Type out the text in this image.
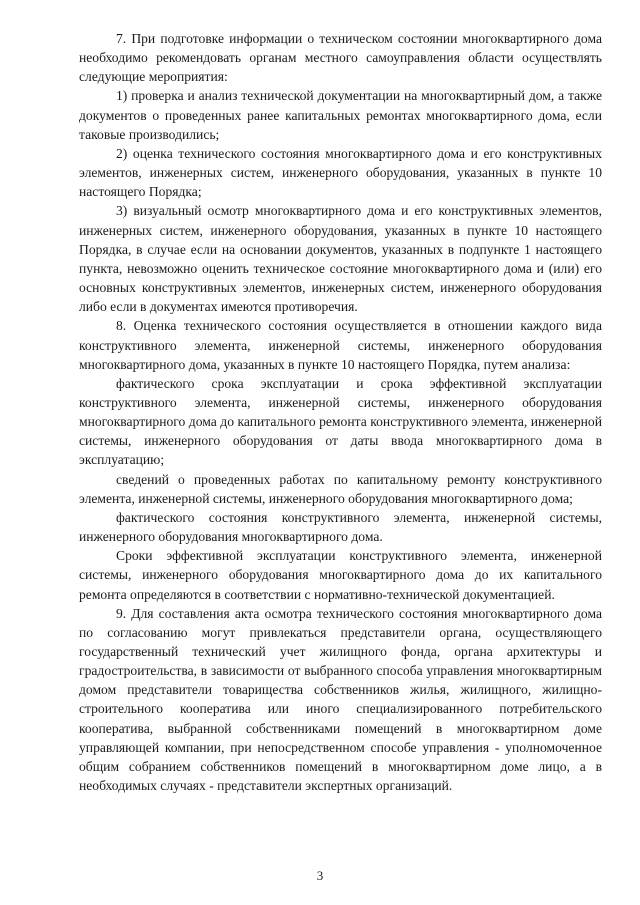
7. При подготовке информации о техническом состоянии многоквартирного дома необходимо рекомендовать органам местного самоуправления области осуществлять следующие мероприятия:

1) проверка и анализ технической документации на многоквартирный дом, а также документов о проведенных ранее капитальных ремонтах многоквартирного дома, если таковые производились;

2) оценка технического состояния многоквартирного дома и его конструктивных элементов, инженерных систем, инженерного оборудования, указанных в пункте 10 настоящего Порядка;

3) визуальный осмотр многоквартирного дома и его конструктивных элементов, инженерных систем, инженерного оборудования, указанных в пункте 10 настоящего Порядка, в случае если на основании документов, указанных в подпункте 1 настоящего пункта, невозможно оценить техническое состояние многоквартирного дома и (или) его основных конструктивных элементов, инженерных систем, инженерного оборудования либо если в документах имеются противоречия.

8. Оценка технического состояния осуществляется в отношении каждого вида конструктивного элемента, инженерной системы, инженерного оборудования многоквартирного дома, указанных в пункте 10 настоящего Порядка, путем анализа:

фактического срока эксплуатации и срока эффективной эксплуатации конструктивного элемента, инженерной системы, инженерного оборудования многоквартирного дома до капитального ремонта конструктивного элемента, инженерной системы, инженерного оборудования от даты ввода многоквартирного дома в эксплуатацию;

сведений о проведенных работах по капитальному ремонту конструктивного элемента, инженерной системы, инженерного оборудования многоквартирного дома;

фактического состояния конструктивного элемента, инженерной системы, инженерного оборудования многоквартирного дома.

Сроки эффективной эксплуатации конструктивного элемента, инженерной системы, инженерного оборудования многоквартирного дома до их капитального ремонта определяются в соответствии с нормативно-технической документацией.

9. Для составления акта осмотра технического состояния многоквартирного дома по согласованию могут привлекаться представители органа, осуществляющего государственный технический учет жилищного фонда, органа архитектуры и градостроительства, в зависимости от выбранного способа управления многоквартирным домом представители товарищества собственников жилья, жилищного, жилищно-строительного кооператива или иного специализированного потребительского кооператива, выбранной собственниками помещений в многоквартирном доме управляющей компании, при непосредственном способе управления - уполномоченное общим собранием собственников помещений в многоквартирном доме лицо, а в необходимых случаях - представители экспертных организаций.

3
